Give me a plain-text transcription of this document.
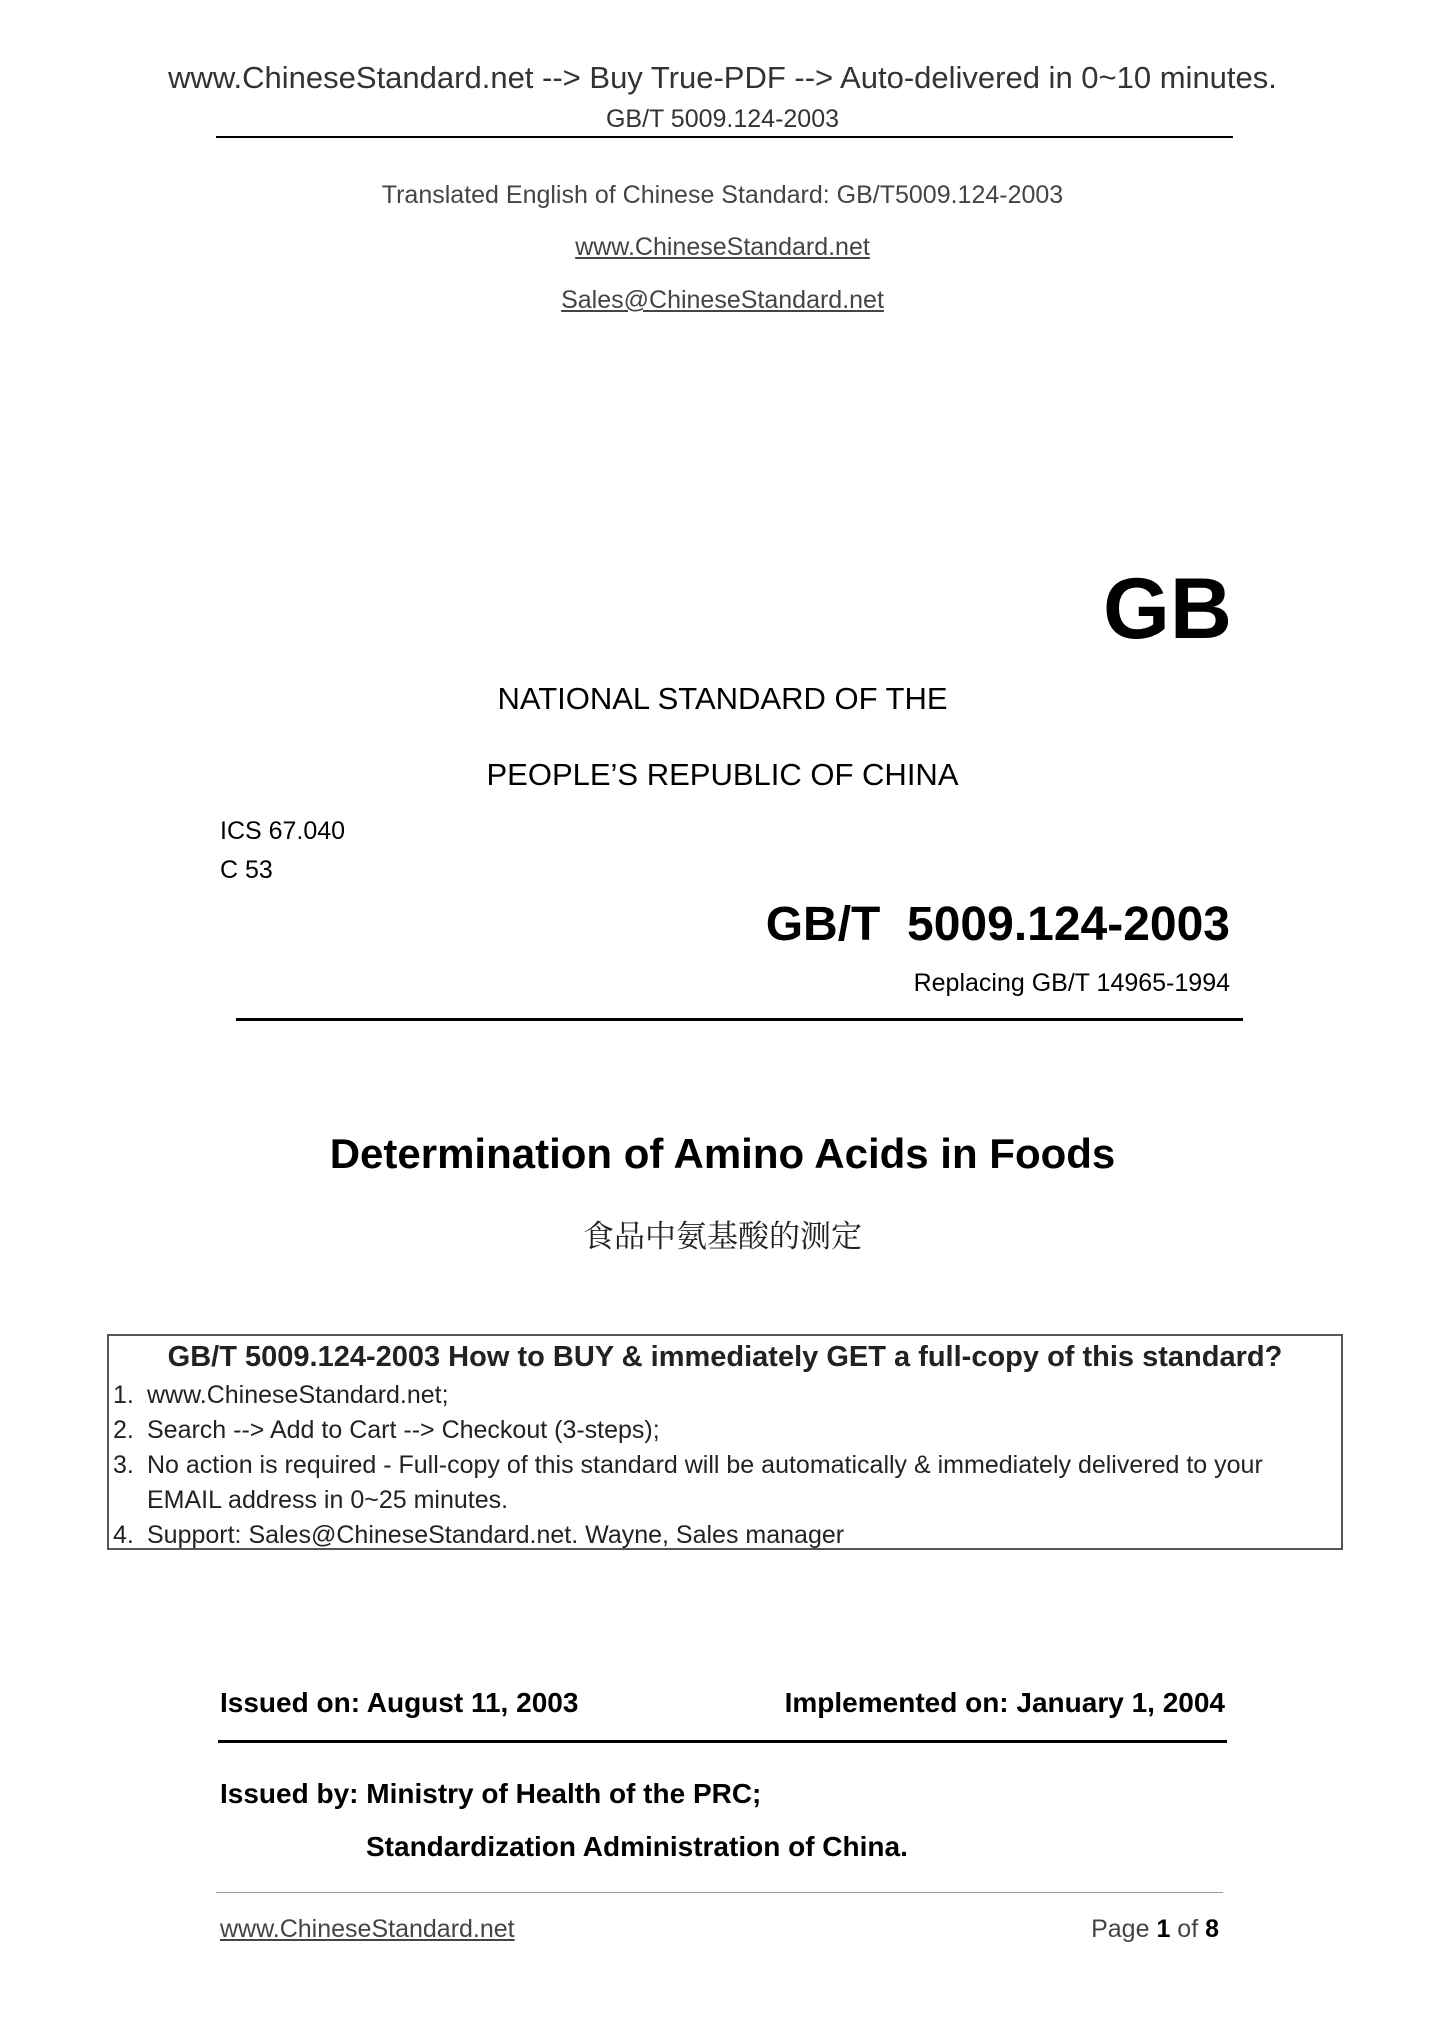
www.ChineseStandard.net --> Buy True-PDF --> Auto-delivered in 0~10 minutes.
GB/T 5009.124-2003
Translated English of Chinese Standard: GB/T5009.124-2003
www.ChineseStandard.net
Sales@ChineseStandard.net
GB
NATIONAL STANDARD OF THE
PEOPLE’S REPUBLIC OF CHINA
ICS 67.040
C 53
GB/T  5009.124-2003
Replacing GB/T 14965-1994
Determination of Amino Acids in Foods
食品中氨基酸的测定
GB/T 5009.124-2003 How to BUY & immediately GET a full-copy of this standard?
1. www.ChineseStandard.net;
2. Search --> Add to Cart --> Checkout (3-steps);
3. No action is required - Full-copy of this standard will be automatically & immediately delivered to your EMAIL address in 0~25 minutes.
4. Support: Sales@ChineseStandard.net. Wayne, Sales manager
Issued on: August 11, 2003	Implemented on: January 1, 2004
Issued by: Ministry of Health of the PRC;
Standardization Administration of China.
www.ChineseStandard.net	Page 1 of 8
